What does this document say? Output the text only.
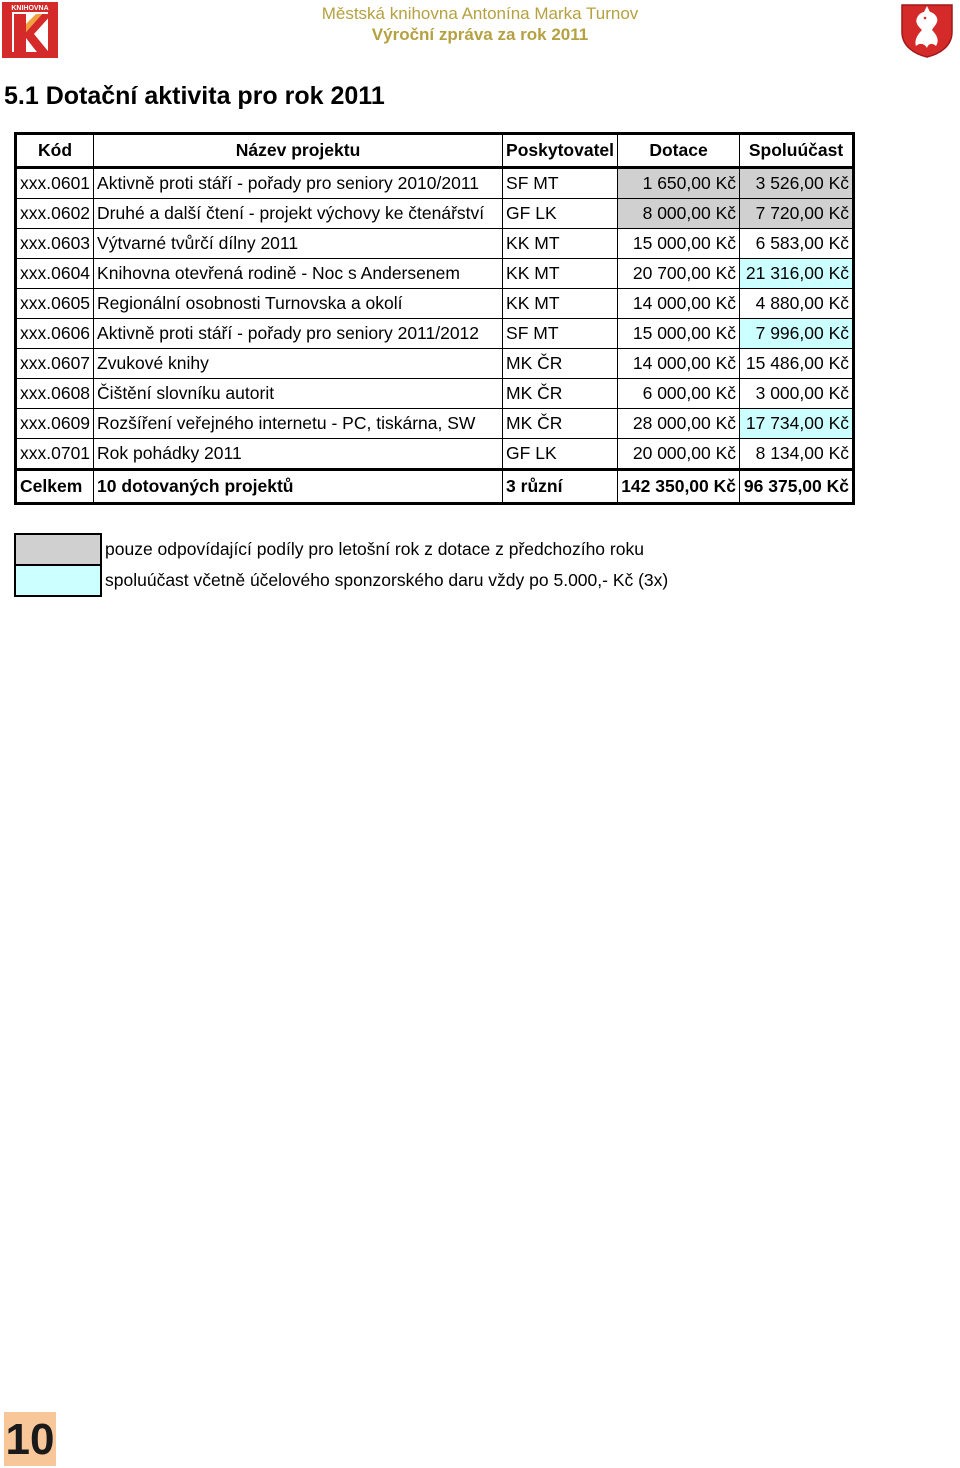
KNIHOVNA	Městská knihovna Antonína Marka Turnov
Výroční zpráva za rok 2011
5.1 Dotační aktivita pro rok 2011
Kód	Název projektu	Poskytovatel	Dotace	Spoluúčast
xxx.0601	Aktivně proti stáří - pořady pro seniory 2010/2011	SF MT	1 650,00 Kč	3 526,00 Kč
xxx.0602	Druhé a další čtení - projekt výchovy ke čtenářství	GF LK	8 000,00 Kč	7 720,00 Kč
xxx.0603	Výtvarné tvůrčí dílny 2011	KK MT	15 000,00 Kč	6 583,00 Kč
xxx.0604	Knihovna otevřená rodině - Noc s Andersenem	KK MT	20 700,00 Kč	21 316,00 Kč
xxx.0605	Regionální osobnosti Turnovska a okolí	KK MT	14 000,00 Kč	4 880,00 Kč
xxx.0606	Aktivně proti stáří - pořady pro seniory 2011/2012	SF MT	15 000,00 Kč	7 996,00 Kč
xxx.0607	Zvukové knihy	MK ČR	14 000,00 Kč	15 486,00 Kč
xxx.0608	Čištění slovníku autorit	MK ČR	6 000,00 Kč	3 000,00 Kč
xxx.0609	Rozšíření veřejného internetu - PC, tiskárna, SW	MK ČR	28 000,00 Kč	17 734,00 Kč
xxx.0701	Rok pohádky 2011	GF LK	20 000,00 Kč	8 134,00 Kč
Celkem	10 dotovaných projektů	3 různí	142 350,00 Kč	96 375,00 Kč
	pouze odpovídající podíly pro letošní rok z dotace z předchozího roku
	spoluúčast včetně účelového sponzorského daru vždy po 5.000,- Kč (3x)
10
